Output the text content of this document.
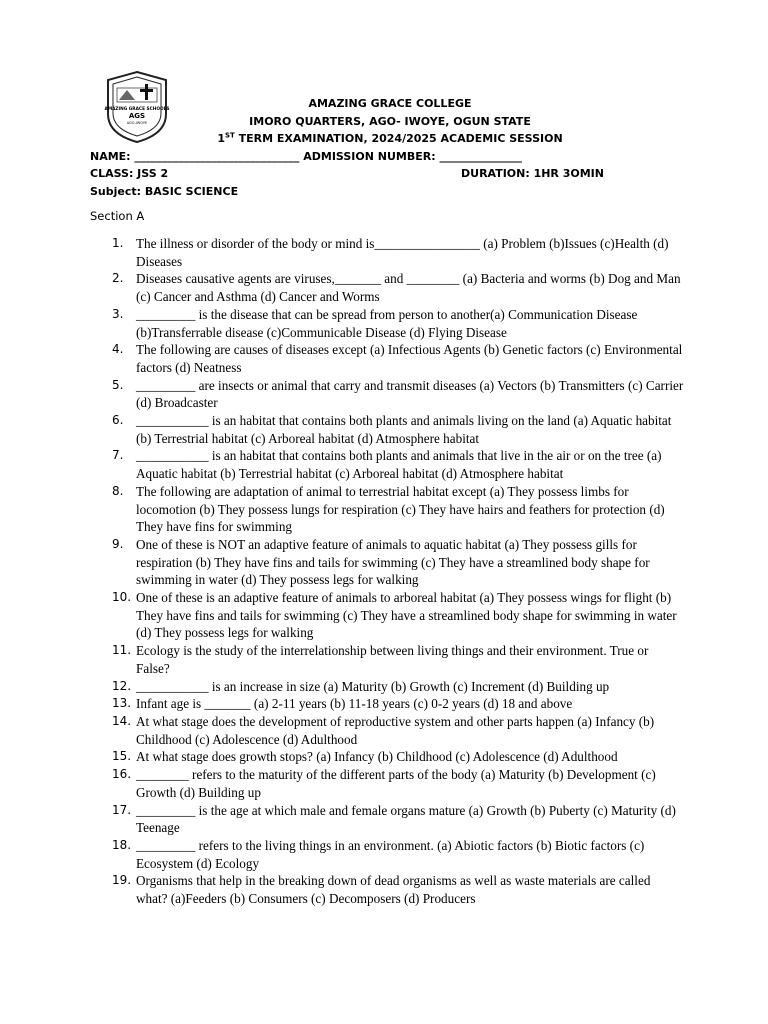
AMAZING GRACE SCHOOLS
AGS
AGO-IWOYE
AMAZING GRACE COLLEGE
IMORO QUARTERS, AGO- IWOYE, OGUN STATE
1ST TERM EXAMINATION, 2024/2025 ACADEMIC SESSION
NAME: ______________________________ ADMISSION NUMBER: _______________
CLASS: JSS 2	DURATION: 1HR 3OMIN
Subject: BASIC SCIENCE
Section A
1. The illness or disorder of the body or mind is________________ (a) Problem (b)Issues (c)Health (d) Diseases
2. Diseases causative agents are viruses,_______ and ________ (a) Bacteria and worms (b) Dog and Man (c) Cancer and Asthma (d) Cancer and Worms
3. _________ is the disease that can be spread from person to another(a) Communication Disease (b)Transferrable disease (c)Communicable Disease (d) Flying Disease
4. The following are causes of diseases except (a) Infectious Agents (b) Genetic factors (c) Environmental factors (d) Neatness
5. _________ are insects or animal that carry and transmit diseases (a) Vectors (b) Transmitters (c) Carrier (d) Broadcaster
6. ___________ is an habitat that contains both plants and animals living on the land (a) Aquatic habitat (b) Terrestrial habitat (c) Arboreal habitat (d) Atmosphere habitat
7. ___________ is an habitat that contains both plants and animals that live in the air or on the tree (a) Aquatic habitat (b) Terrestrial habitat (c) Arboreal habitat (d) Atmosphere habitat
8. The following are adaptation of animal to terrestrial habitat except (a) They possess limbs for locomotion (b) They possess lungs for respiration (c) They have hairs and feathers for protection (d) They have fins for swimming
9. One of these is NOT an adaptive feature of animals to aquatic habitat (a) They possess gills for respiration (b) They have fins and tails for swimming (c) They have a streamlined body shape for swimming in water (d) They possess legs for walking
10. One of these is an adaptive feature of animals to arboreal habitat (a) They possess wings for flight (b) They have fins and tails for swimming (c) They have a streamlined body shape for swimming in water (d) They possess legs for walking
11. Ecology is the study of the interrelationship between living things and their environment. True or False?
12. ___________ is an increase in size (a) Maturity (b) Growth (c) Increment (d) Building up
13. Infant age is _______ (a) 2-11 years (b) 11-18 years (c) 0-2 years (d) 18 and above
14. At what stage does the development of reproductive system and other parts happen (a) Infancy (b) Childhood (c) Adolescence (d) Adulthood
15. At what stage does growth stops? (a) Infancy (b) Childhood (c) Adolescence (d) Adulthood
16. ________ refers to the maturity of the different parts of the body (a) Maturity (b) Development (c) Growth (d) Building up
17. _________ is the age at which male and female organs mature (a) Growth (b) Puberty (c) Maturity (d) Teenage
18. _________ refers to the living things in an environment. (a) Abiotic factors (b) Biotic factors (c) Ecosystem (d) Ecology
19. Organisms that help in the breaking down of dead organisms as well as waste materials are called what? (a)Feeders (b) Consumers (c) Decomposers (d) Producers
